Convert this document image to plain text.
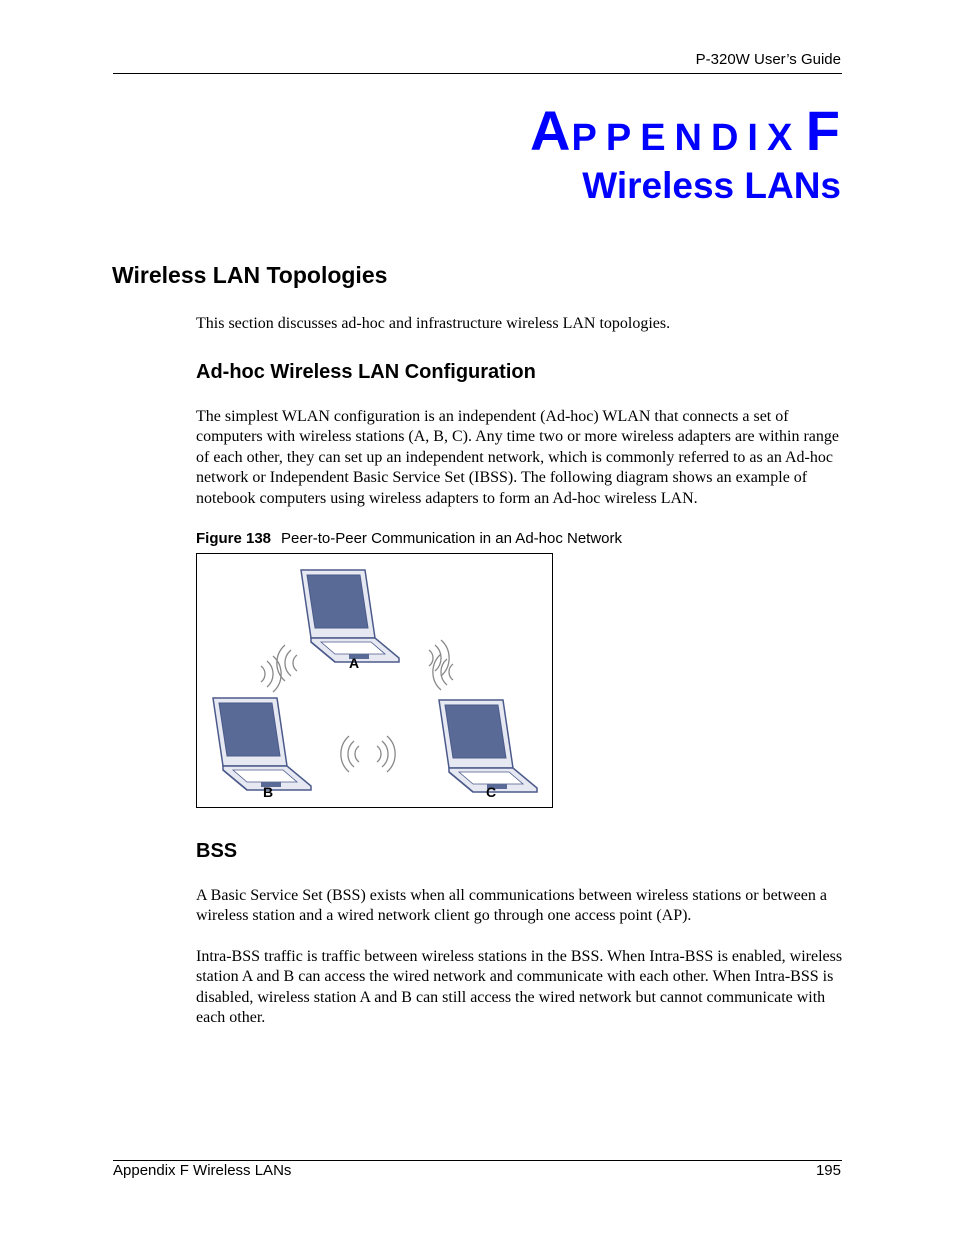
P-320W User’s Guide
APPENDIX F
Wireless LANs
Wireless LAN Topologies
This section discusses ad-hoc and infrastructure wireless LAN topologies.
Ad-hoc Wireless LAN Configuration

The simplest WLAN configuration is an independent (Ad-hoc) WLAN that connects a set of computers with wireless stations (A, B, C). Any time two or more wireless adapters are within range of each other, they can set up an independent network, which is commonly referred to as an Ad-hoc network or Independent Basic Service Set (IBSS). The following diagram shows an example of notebook computers using wireless adapters to form an Ad-hoc wireless LAN.

Figure 138 Peer-to-Peer Communication in an Ad-hoc Network
A
B	C
BSS

A Basic Service Set (BSS) exists when all communications between wireless stations or between a wireless station and a wired network client go through one access point (AP).

Intra-BSS traffic is traffic between wireless stations in the BSS. When Intra-BSS is enabled, wireless station A and B can access the wired network and communicate with each other. When Intra-BSS is disabled, wireless station A and B can still access the wired network but cannot communicate with each other.

Appendix F Wireless LANs	195
